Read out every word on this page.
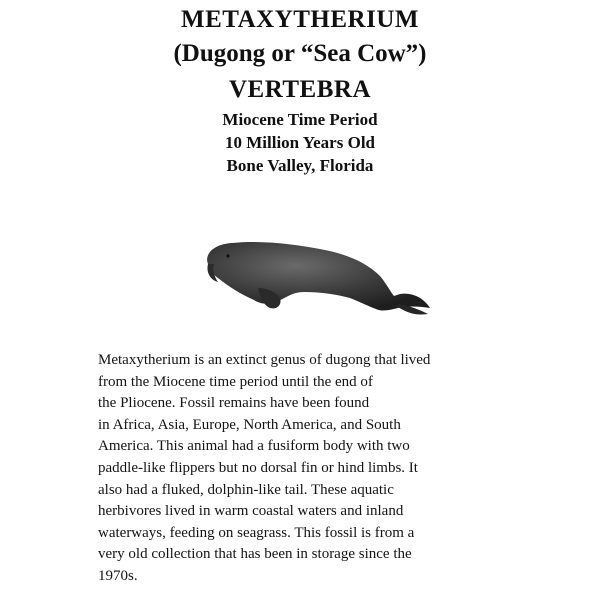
METAXYTHERIUM
(Dugong or “Sea Cow”)
VERTEBRA
Miocene Time Period
10 Million Years Old
Bone Valley, Florida
Metaxytherium is an extinct genus of dugong that lived
from the Miocene time period until the end of
the Pliocene. Fossil remains have been found
in Africa, Asia, Europe, North America, and South
America. This animal had a fusiform body with two
paddle-like flippers but no dorsal fin or hind limbs. It
also had a fluked, dolphin-like tail. These aquatic
herbivores lived in warm coastal waters and inland
waterways, feeding on seagrass. This fossil is from a
very old collection that has been in storage since the
1970s.
